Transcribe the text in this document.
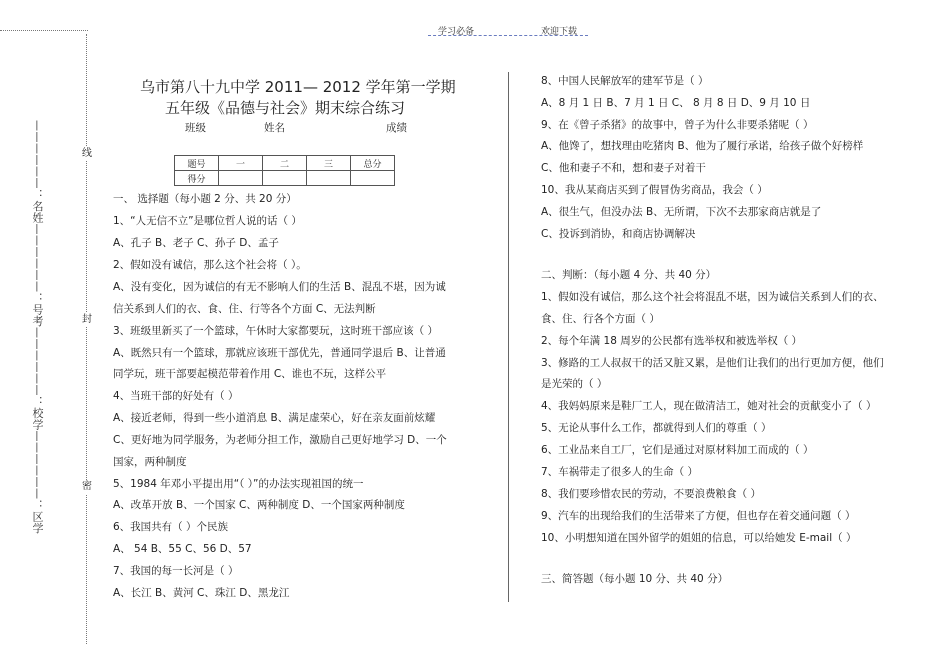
学习必备	欢迎下载
线
封
密
——————：名姓——————：号考——————：校学——————：区学
乌市第八十九中学 2011— 2012 学年第一学期
五年级《品德与社会》期末综合练习
班级	姓名	成绩
题号	一	二	三	总分
得分				
一、 选择题（每小题 2 分、共 20 分）
1、“人无信不立”是哪位哲人说的话（ ）
A、孔子 B、老子 C、孙子 D、孟子
2、假如没有诚信，那么这个社会将（ ）。
A、没有变化，因为诚信的有无不影响人们的生活 B、混乱不堪，因为诚
信关系到人们的衣、食、住、行等各个方面 C、无法判断
3、班级里新买了一个篮球，午休时大家都要玩，这时班干部应该（ ）
A、既然只有一个篮球，那就应该班干部优先，普通同学退后 B、让普通
同学玩，班干部要起模范带着作用 C、谁也不玩，这样公平
4、当班干部的好处有（ ）
A、接近老师，得到一些小道消息 B、满足虚荣心，好在亲友面前炫耀
C、更好地为同学服务，为老师分担工作，激励自己更好地学习 D、一个
国家，两种制度
5、1984 年邓小平提出用“（ ）”的办法实现祖国的统一
A、改革开放 B、一个国家 C、两种制度 D、一个国家两种制度
6、我国共有（ ）个民族
A、 54 B、55 C、56 D、57
7、我国的每一长河是（ ）
A、长江 B、黄河 C、珠江 D、黑龙江
8、中国人民解放军的建军节是（ ）
A、8 月 1 日 B、7 月 1 日 C、 8 月 8 日 D、9 月 10 日
9、在《曾子杀猪》的故事中，曾子为什么非要杀猪呢（ ）
A、他馋了，想找理由吃猪肉 B、他为了履行承诺，给孩子做个好榜样
C、他和妻子不和，想和妻子对着干
10、我从某商店买到了假冒伪劣商品，我会（ ）
A、很生气，但没办法 B、无所谓，下次不去那家商店就是了
C、投诉到消协，和商店协调解决
二、判断：（每小题 4 分、共 40 分）
1、假如没有诚信，那么这个社会将混乱不堪，因为诚信关系到人们的衣、
食、住、行各个方面（ ）
2、每个年满 18 周岁的公民都有选举权和被选举权（ ）
3、修路的工人叔叔干的活又脏又累，是他们让我们的出行更加方便，他们
是光荣的（ ）
4、我妈妈原来是鞋厂工人，现在做清洁工，她对社会的贡献变小了（ ）
5、无论从事什么工作，都就得到人们的尊重（ ）
6、工业品来自工厂，它们是通过对原材料加工而成的（ ）
7、车祸带走了很多人的生命（ ）
8、我们要珍惜农民的劳动，不要浪费粮食（ ）
9、汽车的出现给我们的生活带来了方便，但也存在着交通问题（ ）
10、小明想知道在国外留学的姐姐的信息，可以给她发 E-mail（ ）
三、简答题（每小题 10 分、共 40 分）
